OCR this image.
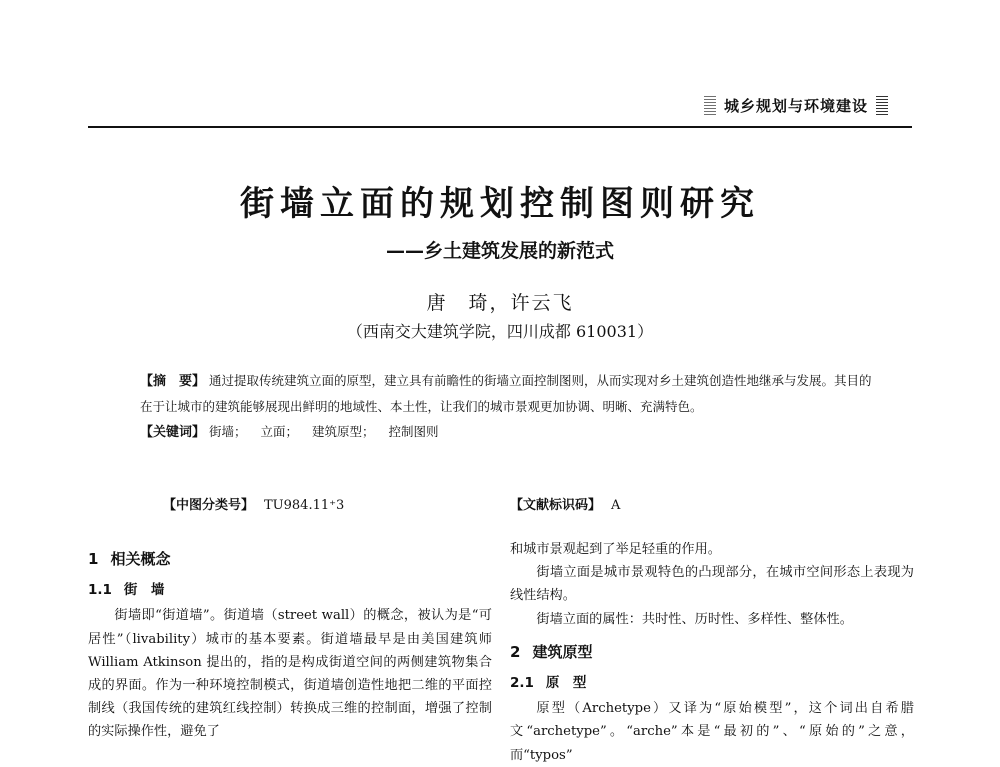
城乡规划与环境建设
街墙立面的规划控制图则研究
——乡土建筑发展的新范式
唐　琦，许云飞
（西南交大建筑学院，四川成都 610031）
【摘　要】 通过提取传统建筑立面的原型，建立具有前瞻性的街墙立面控制图则，从而实现对乡土建筑创造性地继承与发展。其目的在于让城市的建筑能够展现出鲜明的地域性、本土性，让我们的城市景观更加协调、明晰、充满特色。
【关键词】 街墙； 立面； 建筑原型； 控制图则
【中图分类号】 TU984.11⁺3	【文献标识码】 A
1 相关概念
1.1 街　墙

街墙即“街道墙”。街道墙（street wall）的概念，被认为是“可居性”（livability）城市的基本要素。街道墙最早是由美国建筑师 William Atkinson 提出的，指的是构成街道空间的两侧建筑物集合成的界面。作为一种环境控制模式，街道墙创造性地把二维的平面控制线（我国传统的建筑红线控制）转换成三维的控制面，增强了控制的实际操作性，避免了

和城市景观起到了举足轻重的作用。

街墙立面是城市景观特色的凸现部分，在城市空间形态上表现为线性结构。

街墙立面的属性：共时性、历时性、多样性、整体性。

2 建筑原型
2.1 原　型

原型（Archetype）又译为“原始模型”，这个词出自希腊文“archetype”。“arche”本是“最初的”、“原始的”之意，而“typos”
